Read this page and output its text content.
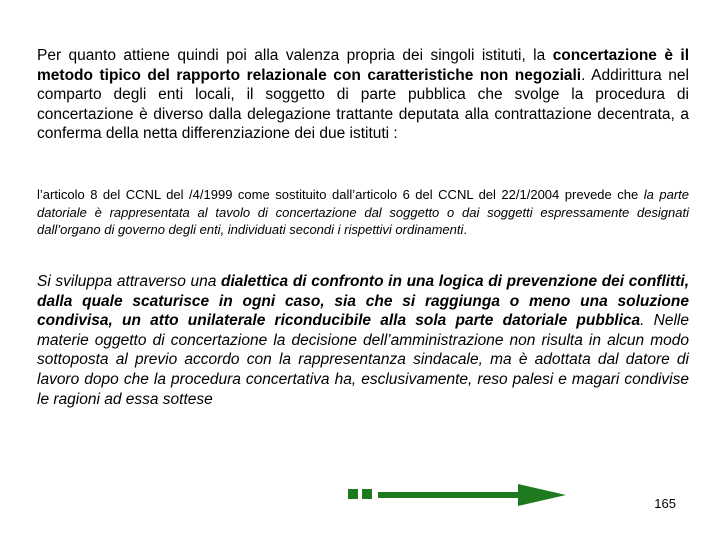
Per quanto attiene quindi poi alla valenza propria dei singoli istituti, la concertazione è il metodo tipico del rapporto relazionale con caratteristiche non negoziali. Addirittura nel comparto degli enti locali, il soggetto di parte pubblica che svolge la procedura di concertazione è diverso dalla delegazione trattante deputata alla contrattazione decentrata, a conferma della netta differenziazione dei due istituti :

l’articolo 8 del CCNL del /4/1999 come sostituito dall’articolo 6 del CCNL del 22/1/2004 prevede che la parte datoriale è rappresentata al tavolo di concertazione dal soggetto o dai soggetti espressamente designati dall’organo di governo degli enti, individuati secondi i rispettivi ordinamenti.

Si sviluppa attraverso una dialettica di confronto in una logica di prevenzione dei conflitti, dalla quale scaturisce in ogni caso, sia che si raggiunga o meno una soluzione condivisa, un atto unilaterale riconducibile alla sola parte datoriale pubblica. Nelle materie oggetto di concertazione la decisione dell’amministrazione non risulta in alcun modo sottoposta al previo accordo con la rappresentanza sindacale, ma è adottata dal datore di lavoro dopo che la procedura concertativa ha, esclusivamente, reso palesi e magari condivise le ragioni ad essa sottese

165
